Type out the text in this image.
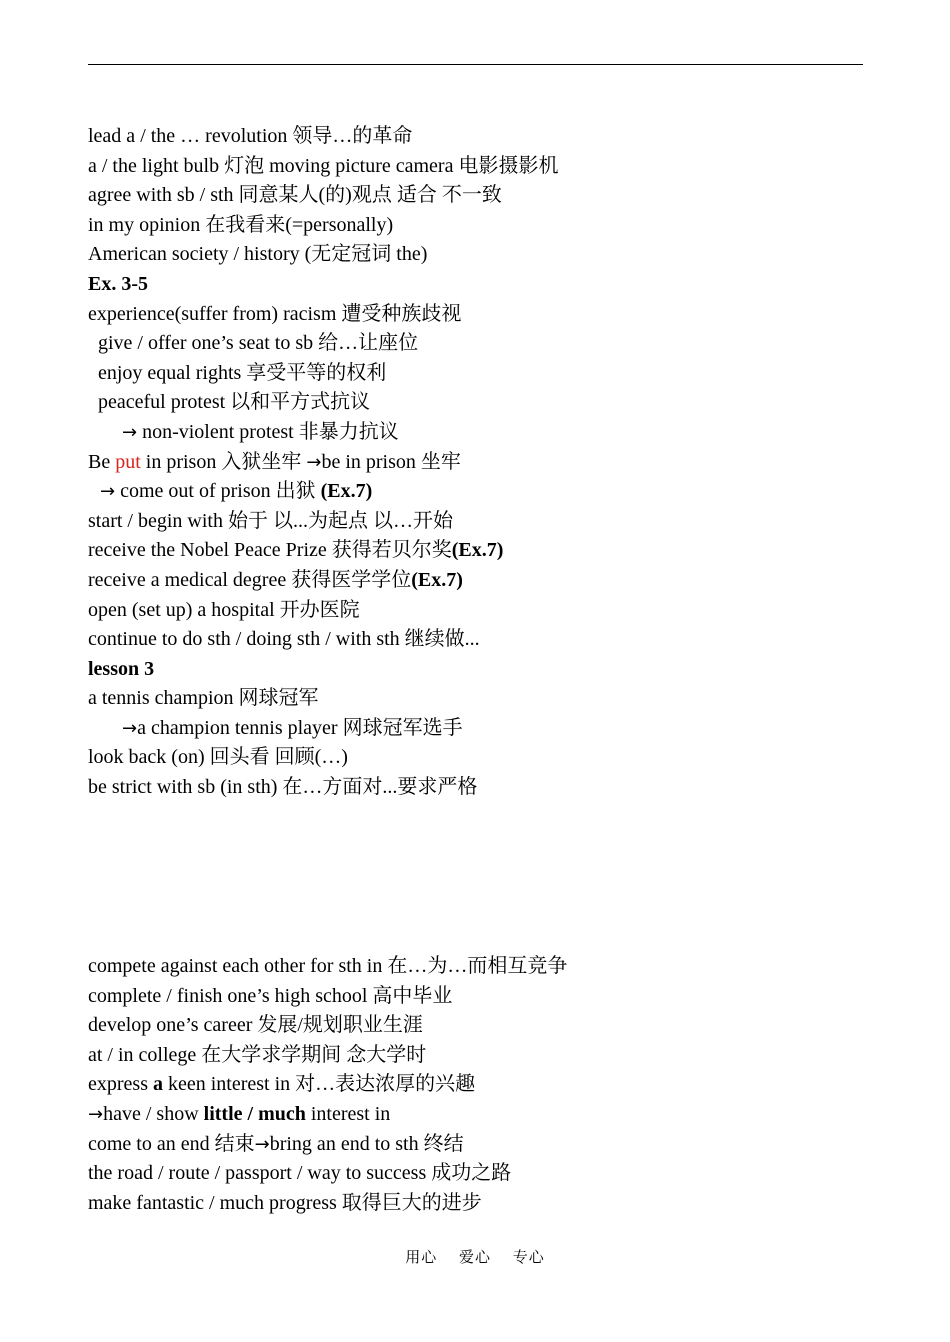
lead a / the … revolution 领导…的革命
a / the light bulb 灯泡 moving picture camera 电影摄影机
agree with sb / sth 同意某人(的)观点 适合 不一致
in my opinion 在我看来(=personally)
American society / history (无定冠词 the)
Ex. 3-5
experience(suffer from) racism 遭受种族歧视
give / offer one’s seat to sb 给…让座位
enjoy equal rights 享受平等的权利
peaceful protest 以和平方式抗议
→ non-violent protest 非暴力抗议
Be put in prison 入狱坐牢 →be in prison 坐牢
→ come out of prison 出狱 (Ex.7)
start / begin with 始于 以...为起点 以…开始
receive the Nobel Peace Prize 获得若贝尔奖(Ex.7)
receive a medical degree 获得医学学位(Ex.7)
open (set up) a hospital 开办医院
continue to do sth / doing sth / with sth 继续做...
lesson 3
a tennis champion 网球冠军
→a champion tennis player 网球冠军选手
look back (on) 回头看 回顾(…)
be strict with sb (in sth) 在…方面对...要求严格
compete against each other for sth in 在…为…而相互竞争
complete / finish one’s high school 高中毕业
develop one’s career 发展/规划职业生涯
at / in college 在大学求学期间 念大学时
express a keen interest in 对…表达浓厚的兴趣
→have / show little / much interest in
come to an end 结束→bring an end to sth 终结
the road / route / passport / way to success 成功之路
make fantastic / much progress 取得巨大的进步
用心 爱心 专心
